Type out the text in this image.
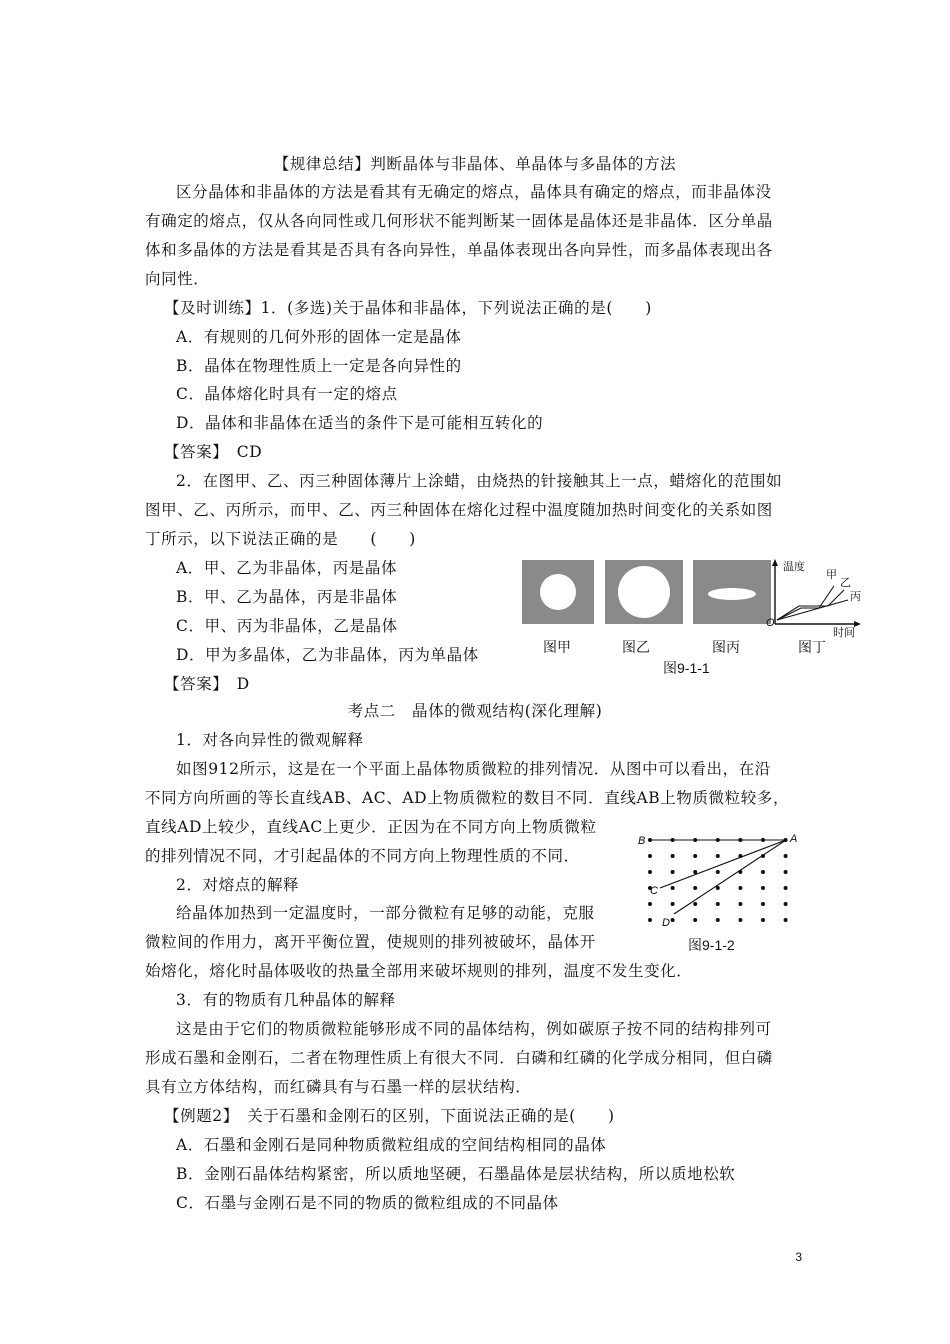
【规律总结】判断晶体与非晶体、单晶体与多晶体的方法
区分晶体和非晶体的方法是看其有无确定的熔点，晶体具有确定的熔点，而非晶体没
有确定的熔点，仅从各向同性或几何形状不能判断某一固体是晶体还是非晶体．区分单晶
体和多晶体的方法是看其是否具有各向异性，单晶体表现出各向异性，而多晶体表现出各
向同性．
【及时训练】1．(多选)关于晶体和非晶体，下列说法正确的是(　　)
A．有规则的几何外形的固体一定是晶体
B．晶体在物理性质上一定是各向异性的
C．晶体熔化时具有一定的熔点
D．晶体和非晶体在适当的条件下是可能相互转化的
【答案】　CD
2．在图甲、乙、丙三种固体薄片上涂蜡，由烧热的针接触其上一点，蜡熔化的范围如
图甲、乙、丙所示，而甲、乙、丙三种固体在熔化过程中温度随加热时间变化的关系如图
丁所示，以下说法正确的是　　(　　)
A．甲、乙为非晶体，丙是晶体
B．甲、乙为晶体，丙是非晶体
C．甲、丙为非晶体，乙是晶体
D．甲为多晶体，乙为非晶体，丙为单晶体
【答案】　D
温度
甲
乙
丙
O
时间
图甲	图乙	图丙	图丁
图9-1-1
考点二　晶体的微观结构(深化理解)
1．对各向异性的微观解释
如图912所示，这是在一个平面上晶体物质微粒的排列情况．从图中可以看出，在沿
不同方向所画的等长直线AB、AC、AD上物质微粒的数目不同．直线AB上物质微粒较多，
直线AD上较少，直线AC上更少．正因为在不同方向上物质微粒
的排列情况不同，才引起晶体的不同方向上物理性质的不同．
2．对熔点的解释
给晶体加热到一定温度时，一部分微粒有足够的动能，克服
微粒间的作用力，离开平衡位置，使规则的排列被破坏，晶体开
始熔化，熔化时晶体吸收的热量全部用来破坏规则的排列，温度不发生变化．
3．有的物质有几种晶体的解释
这是由于它们的物质微粒能够形成不同的晶体结构，例如碳原子按不同的结构排列可
形成石墨和金刚石，二者在物理性质上有很大不同．白磷和红磷的化学成分相同，但白磷
具有立方体结构，而红磷具有与石墨一样的层状结构．
B	A
C
D
图9-1-2
【例题2】　关于石墨和金刚石的区别，下面说法正确的是(　　)
A．石墨和金刚石是同种物质微粒组成的空间结构相同的晶体
B．金刚石晶体结构紧密，所以质地坚硬，石墨晶体是层状结构，所以质地松软
C．石墨与金刚石是不同的物质的微粒组成的不同晶体
3
